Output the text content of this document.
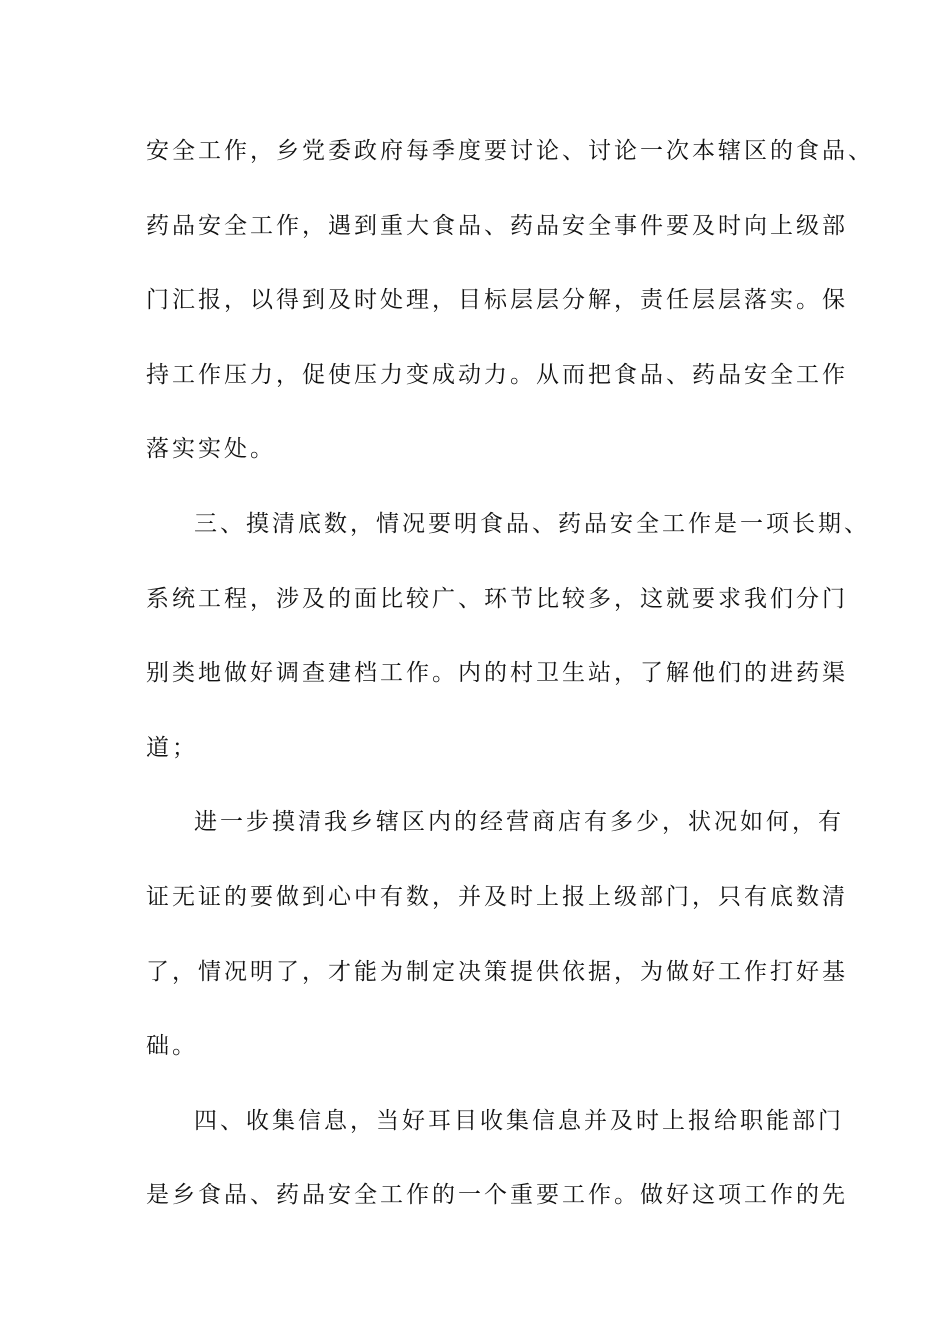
安全工作，乡党委政府每季度要讨论、讨论一次本辖区的食品、
药品安全工作，遇到重大食品、药品安全事件要及时向上级部
门汇报，以得到及时处理，目标层层分解，责任层层落实。保
持工作压力，促使压力变成动力。从而把食品、药品安全工作
落实实处。
三、摸清底数，情况要明食品、药品安全工作是一项长期、
系统工程，涉及的面比较广、环节比较多，这就要求我们分门
别类地做好调查建档工作。内的村卫生站，了解他们的进药渠
道；
进一步摸清我乡辖区内的经营商店有多少，状况如何，有
证无证的要做到心中有数，并及时上报上级部门，只有底数清
了，情况明了，才能为制定决策提供依据，为做好工作打好基
础。
四、收集信息，当好耳目收集信息并及时上报给职能部门
是乡食品、药品安全工作的一个重要工作。做好这项工作的先
